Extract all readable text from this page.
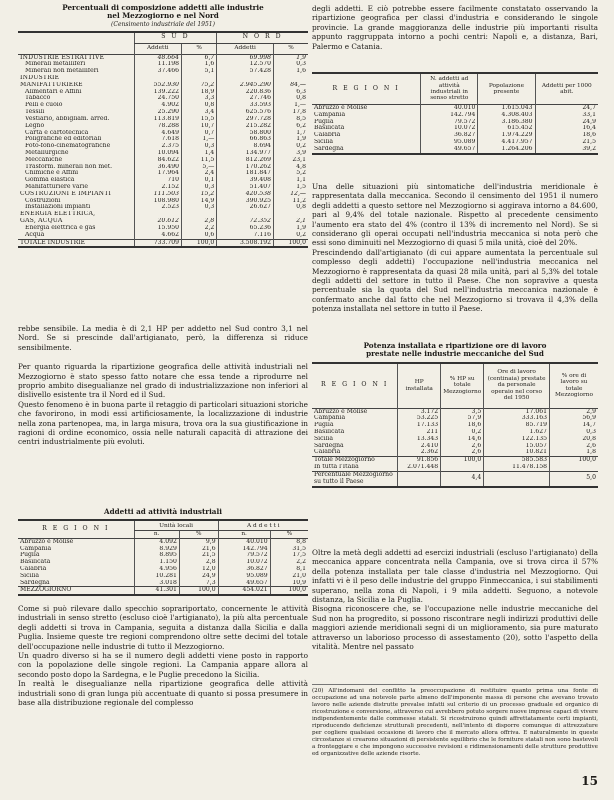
Percentuali di composizione addetti alle industrie
nel Mezzogiorno e nel Nord
(Censimento industriale del 1951)
	S U D		N O R D	
	Addetti	%	Addetti	%
INDUSTRIE ESTRATTIVE	48.664	6,7	69.998	1,9
Minerali metalliferi	11.198	1,6	12.570	0,3
Minerali non metalliferi	37.466	5,1	57.428	1,6
INDUSTRIE				
MANIFATTURIERE	552.930	75,2	2.945.290	84,—
Alimentari e Affini	139.222	18,9	220.836	6,3
Tabacco	24.750	3,3	27.746	0,8
Pelli e cuoio	4.902	0,8	33.593	1,—
Tessili	25.290	3,4	625.576	17,8
Vestiario, abbigliam. arred.	113.819	15,5	297.728	8,5
Legno	78.288	10,7	215.282	6,2
Carta e cartotecnica	4.649	0,7	58.800	1,7
Poligrafiche ed editoriali	7.618	1,—	66.863	1,9
Foto-fono-cinematografiche	2.375	0,3	8.694	0,2
Metallurgiche	10.094	1,4	134.977	3,9
Meccaniche	84.622	11,5	812.269	23,1
Trasform. minerali non met.	36.490	5,—	170.262	4,8
Chimiche e Affini	17.964	2,4	181.847	5,2
Gomma elastica	710	0,1	39.408	1,1
Manifatturiere varie	2.152	0,3	51.407	1,5
COSTRUZIONI E IMPIANTI	111.503	15,2	420.538	12,—
Costruzioni	108.980	14,9	390.925	11,2
Installazioni impianti	2.523	0,3	26.627	0,8
ENERGIA ELETTRICA,				
GAS, ACQUA	20.612	2,8	72.352	2,1
Energia elettrica e gas	15.950	2,2	65.236	1,9
Acqua	4.662	0,6	7.116	0,2
TOTALE INDUSTRIE	733.709	100,0	3.508.192	100,0

rebbe sensibile. La media è di 2,1 HP per addetto nel Sud contro 3,1 nel Nord. Se si prescinde dall'artigianato, però, la differenza si riduce sensibilmente.

Per quanto riguarda la ripartizione geografica delle attività industriali nel Mezzogiorno è stato spesso fatto notare che essa tende a riprodurre nel proprio ambito disegualianze nel grado di industrializzazione non inferiori al dislivello esistente tra il Nord ed il Sud.

Questo fenomeno è in buona parte il retaggio di particolari situazioni storiche che favorirono, in modi essi artificiosamente, la localizzazione di industrie nella zona partenopea, ma, in larga misura, trova ora la sua giustificazione in ragioni di ordine economico, ossia nelle naturali capacità di attrazione dei centri industrialmente più evoluti.

Addetti ad attività industriali
R E G I O N I	Unità locali		A d d e t t i	
	n.	%	n.	%
Abruzzo e Molise	4.092	9,9	40.010	8,8
Campania	8.929	21,6	142.794	31,5
Puglia	8.895	21,5	79.572	17,5
Basilicata	1.150	2,8	10.072	2,2
Calabria	4.956	12,0	36.827	8,1
Sicilia	10.281	24,9	95.089	21,0
Sardegna	3.018	7,3	49.657	10,9
MEZZOGIORNO	41.301	100,0	454.021	100,0

Come si può rilevare dallo specchio soprariportato, concernente le attività industriali in senso stretto (escluso cioè l'artigianato), la più alta percentuale degli addetti si trova in Campania, seguita a distanza dalla Sicilia e dalla Puglia. Insieme queste tre regioni comprendono oltre sette decimi del totale dell'occupazione nelle industrie di tutto il Mezzogiorno.

Un quadro diverso si ha se il numero degli addetti viene posto in rapporto con la popolazione delle singole regioni. La Campania appare allora al secondo posto dopo la Sardegna, e le Puglie precedono la Sicilia.

In realtà le disegualianze nella ripartizione geografica delle attività industriali sono di gran lunga più accentuate di quanto si possa presumere in base alla distribuzione regionale del complesso

degli addetti. E ciò potrebbe essere facilmente constatato osservando la ripartizione geografica per classi d'industria e considerando le singole provincie. La grande maggioranza delle industrie più importanti risulta appunto raggruppata intorno a pochi centri: Napoli e, a distanza, Bari, Palermo e Catania.

R E G I O N I	N. addetti ad attività industriali in senso stretto	Popolazione presente	Addetti per 1000 abit.
Abruzzo e Molise	40.010	1.615.043	24,7
Campania	142.794	4.308.403	33,1
Puglia	79.572	3.186.380	24,9
Basilicata	10.072	615.452	16,4
Calabria	36.827	1.974.229	18,6
Sicilia	95.089	4.417.957	21,5
Sardegna	49.657	1.264.206	39,2

Una delle situazioni più sintomatiche dell'industria meridionale è rappresentata dalla meccanica. Secondo il censimento del 1951 il numero degli addetti a questo settore nel Mezzogiorno si aggirava intorno a 84.600, pari al 9,4% del totale nazionale. Rispetto al precedente censimento l'aumento era stato del 4% (contro il 13% di incremento nel Nord). Se si considerano gli operai occupati nell'industria meccanica si nota però che essi sono diminuiti nel Mezzogiorno di quasi 5 mila unità, cioè del 20%.

Prescindendo dall'artigianato (di cui appare aumentata la percentuale sul complesso degli addetti) l'occupazione nell'industria meccanica nel Mezzogiorno è rappresentata da quasi 28 mila unità, pari al 5,3% del totale degli addetti del settore in tutto il Paese. Che non sopravive a questa percentuale sia la quota del Sud nell'industria meccanica nazionale è confermato anche dal fatto che nel Mezzogiorno si trovava il 4,3% della potenza installata nel settore in tutto il Paese.

Potenza installata e ripartizione ore di lavoro
prestate nelle industrie meccaniche del Sud
R E G I O N I	HP installata	% HP su totale Mezzogiorno	Ore di lavoro (centinaia) prestate da personale operaio nel corso del 1950	% ore di lavoro su totale Mezzogiorno
Abruzzo e Molise	3.172	3,5	17.061	2,9
Campania	53.225	57,9	333.163	56,9
Puglia	17.133	18,6	85.719	14,7
Basilicata	211	0,2	1.627	0,3
Sicilia	13.343	14,6	122.135	20,8
Sardegna	2.410	2,6	15.057	2,6
Calabria	2.362	2,6	10.821	1,8
Totale Mezzogiorno	91.856	100,0	585.583	100,0
In tutta l'Italia	2.071.448		11.478.158	
Percentuale Mezzogiorno su tutto il Paese		4,4		5,0

Oltre la metà degli addetti ad esercizi industriali (escluso l'artigianato) della meccanica appare concentrata nella Campania, ove si trova circa il 57% della potenza installata per tale classe d'industria nel Mezzogiorno. Qui infatti vi è il peso delle industrie del gruppo Finmeccanica, i sui stabilimenti superano, nella zona di Napoli, i 9 mila addetti. Seguono, a notevole distanza, la Sicilia e la Puglia.

Bisogna riconoscere che, se l'occupazione nelle industrie meccaniche del Sud non ha progredito, si possono riscontrare negli indirizzi produttivi delle maggiori aziende meridionali segni di un miglioramento, sia pure maturato attraverso un laborioso processo di assestamento (20), sotto l'aspetto della vitalità. Mentre nel passato

(20) All'indomani del conflitto la preoccupazione di restituire quanto prima una fonte di occupazione ad una notevole parte almeno dell'imponente massa di persone che avevano trovato lavoro nelle aziende distrutte prevalse infatti sul criterio di un processo graduale ed organico di ricostruzione e conversione, attraverso cui avrebbero potuto sorgere nuove imprese capaci di vivere indipendentemente dalle commesse statali. Si ricostruirono quindi affrettatamente certi impianti, riproducendo deficienze strutturali precedenti, nell'intento di disporre comunque di attrezzature per cogliere qualsiasi occasione di lavoro che il mercato allora offriva. E naturalmente in queste circostanze si crearono situazioni di persistente squilibrio che le forniture statali non sono bastevoli a fronteggiare e che impongono successive revisioni e ridimensionamenti delle strutture produttive ed organizzative delle aziende risorte.
15
